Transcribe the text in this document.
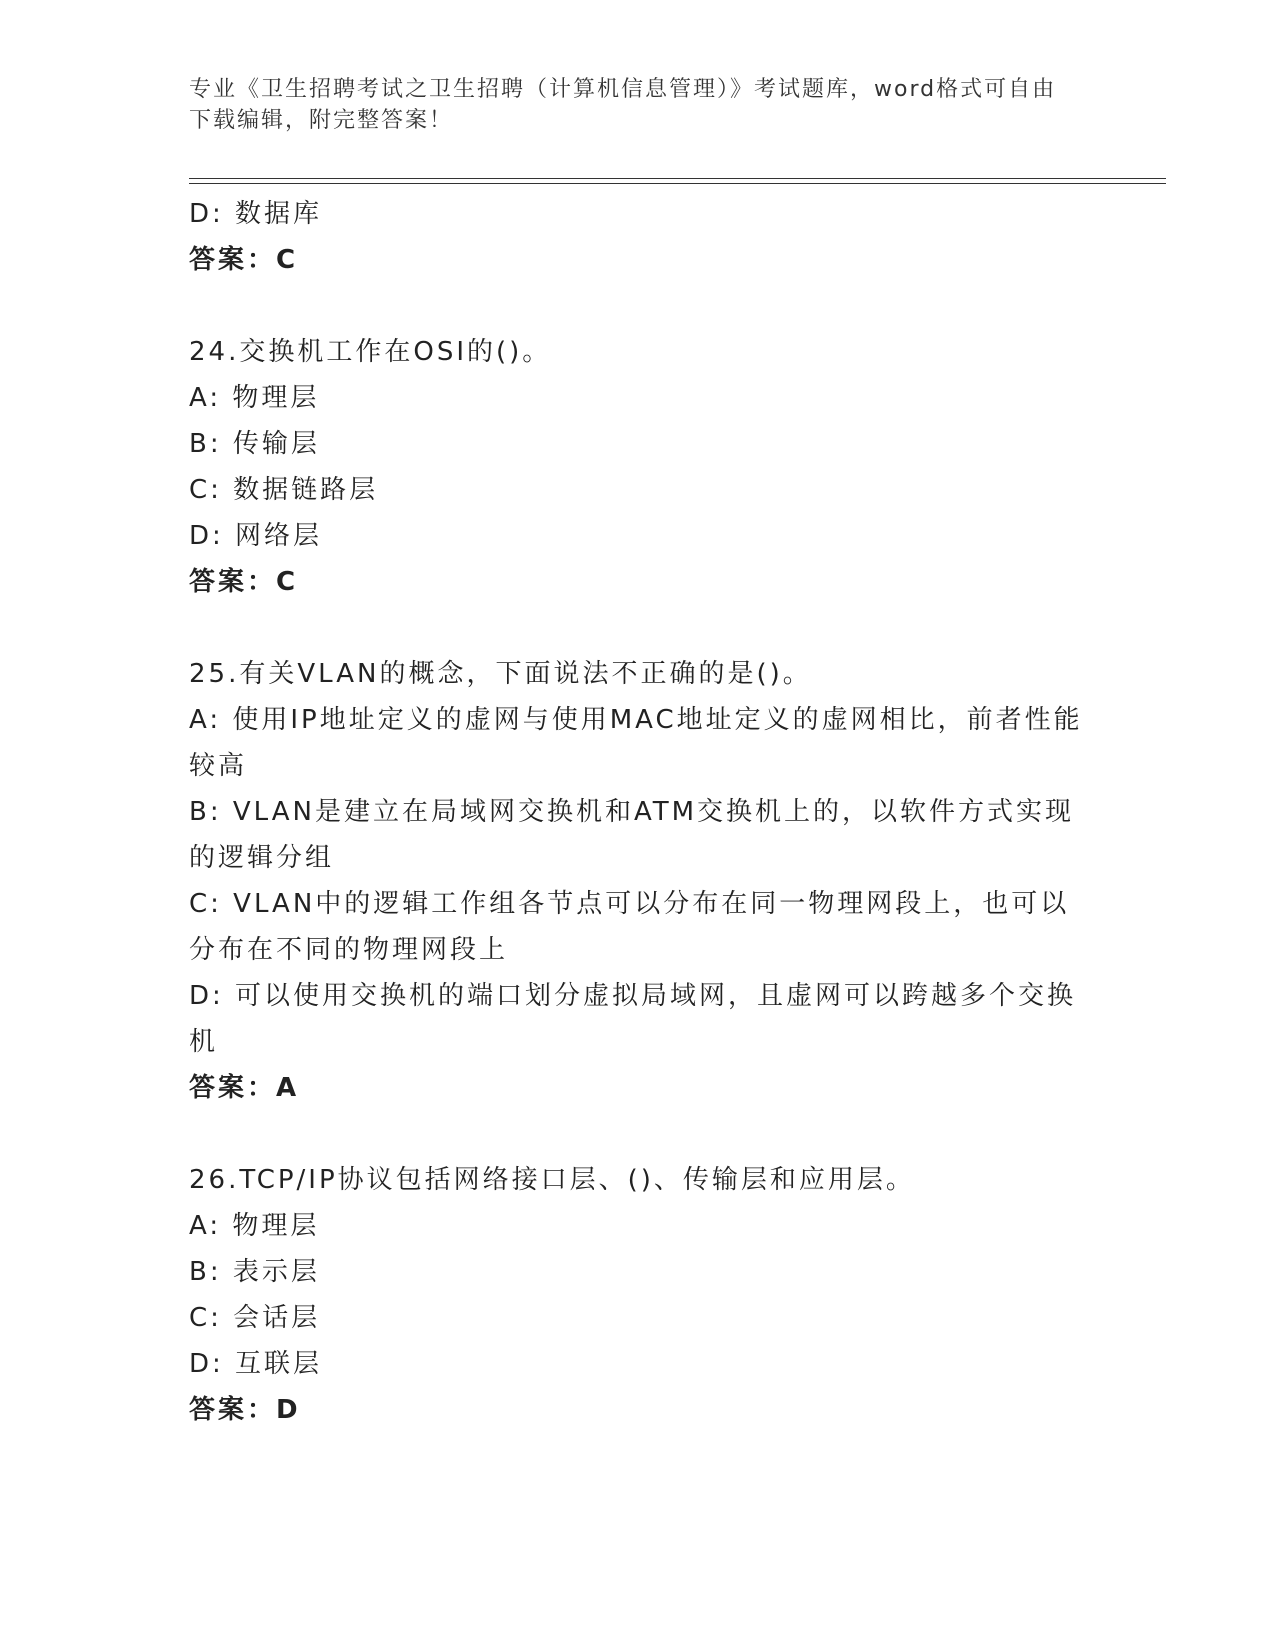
专业《卫生招聘考试之卫生招聘（计算机信息管理）》考试题库，word格式可自由下载编辑，附完整答案！
D: 数据库
答案：C
24.交换机工作在OSI的()。
A: 物理层
B: 传输层
C: 数据链路层
D: 网络层
答案：C
25.有关VLAN的概念，下面说法不正确的是()。
A: 使用IP地址定义的虚网与使用MAC地址定义的虚网相比，前者性能较高
B: VLAN是建立在局域网交换机和ATM交换机上的，以软件方式实现的逻辑分组
C: VLAN中的逻辑工作组各节点可以分布在同一物理网段上，也可以分布在不同的物理网段上
D: 可以使用交换机的端口划分虚拟局域网，且虚网可以跨越多个交换机
答案：A
26.TCP/IP协议包括网络接口层、()、传输层和应用层。
A: 物理层
B: 表示层
C: 会话层
D: 互联层
答案：D
